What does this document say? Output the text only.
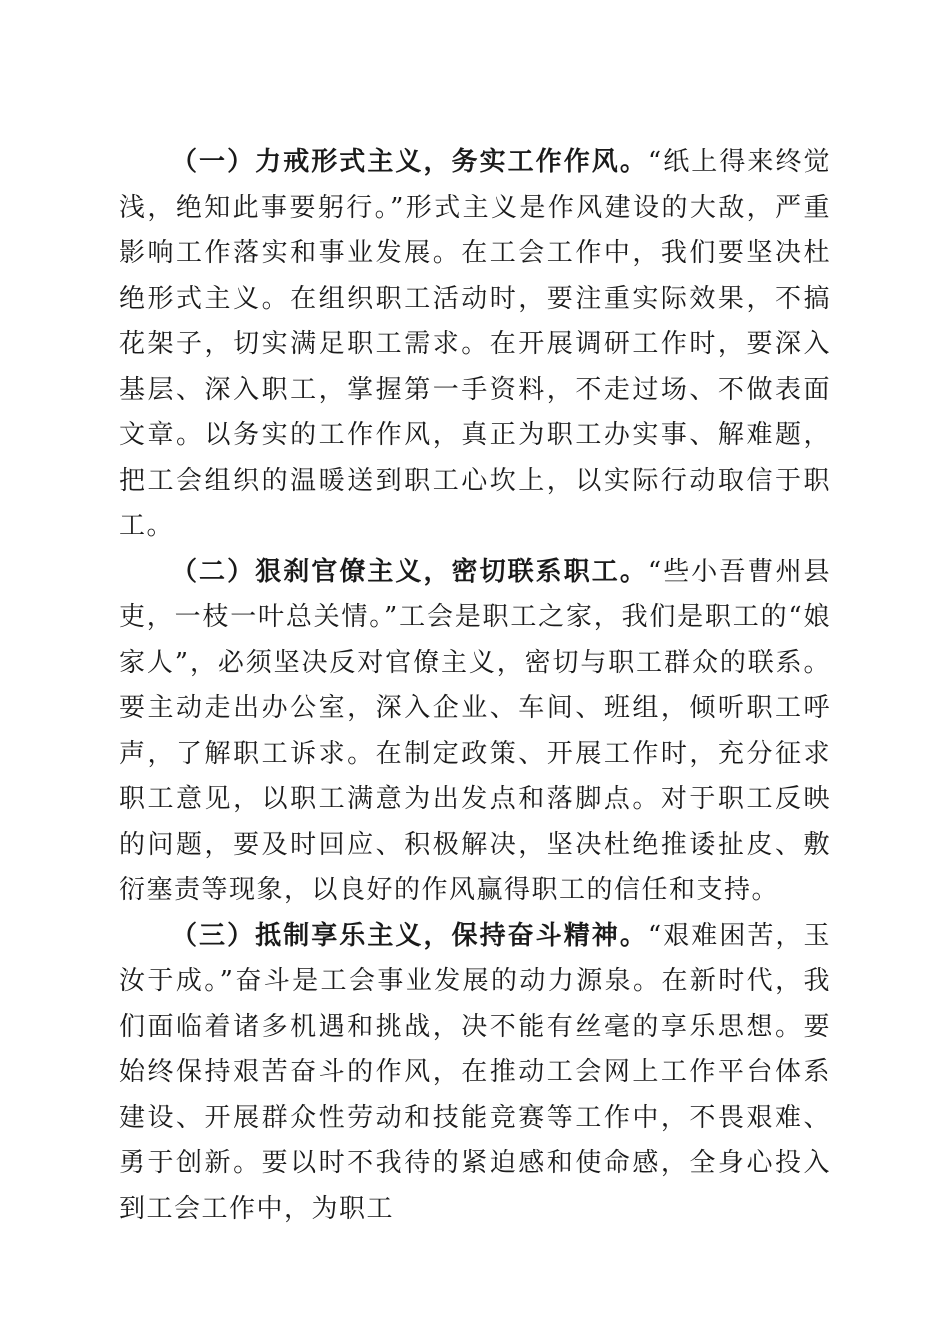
（一）力戒形式主义，务实工作作风。“纸上得来终觉浅，绝知此事要躬行。”形式主义是作风建设的大敌，严重影响工作落实和事业发展。在工会工作中，我们要坚决杜绝形式主义。在组织职工活动时，要注重实际效果，不搞花架子，切实满足职工需求。在开展调研工作时，要深入基层、深入职工，掌握第一手资料，不走过场、不做表面文章。以务实的工作作风，真正为职工办实事、解难题，把工会组织的温暖送到职工心坎上，以实际行动取信于职工。

（二）狠刹官僚主义，密切联系职工。“些小吾曹州县吏，一枝一叶总关情。”工会是职工之家，我们是职工的“娘家人”，必须坚决反对官僚主义，密切与职工群众的联系。要主动走出办公室，深入企业、车间、班组，倾听职工呼声，了解职工诉求。在制定政策、开展工作时，充分征求职工意见，以职工满意为出发点和落脚点。对于职工反映的问题，要及时回应、积极解决，坚决杜绝推诿扯皮、敷衍塞责等现象，以良好的作风赢得职工的信任和支持。

（三）抵制享乐主义，保持奋斗精神。“艰难困苦，玉汝于成。”奋斗是工会事业发展的动力源泉。在新时代，我们面临着诸多机遇和挑战，决不能有丝毫的享乐思想。要始终保持艰苦奋斗的作风，在推动工会网上工作平台体系建设、开展群众性劳动和技能竞赛等工作中，不畏艰难、勇于创新。要以时不我待的紧迫感和使命感，全身心投入到工会工作中，为职工
